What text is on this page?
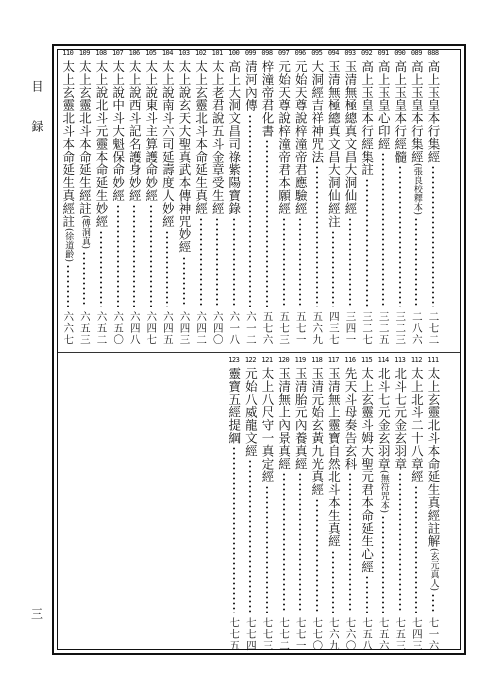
目 録
三
088
高上玉皇本行集經
二七二
089
高上玉皇本行集經
(張良校釋本)
二八六
090
高上玉皇本行經髓
三二三
091
高上玉皇心印經
三二五
092
高上玉皇本行經集註
三二七
093
玉清無極總真文昌大洞仙經
三四一
094
玉清無極總真文昌大洞仙經注
四三七
095
大洞經吉祥神咒法
五六九
096
元始天尊說梓潼帝君應驗經
五七一
097
元始天尊說梓潼帝君本願經
五七三
098
梓潼帝君化書
五七六
099
清河內傳
六一二
100
高上大洞文昌司祿紫陽寶錄
六一八
101
太上老君說五斗金章受生經
六四〇
102
太上玄靈北斗本命延生真經
六四二
103
太上說玄天大聖真武本傳神咒妙經
六四三
104
太上說南斗六司延壽度人妙經
六四五
105
太上說東斗主算護命妙經
六四七
106
太上說西斗記名護身妙經
六四八
107
太上說中斗大魁保命妙經
六五〇
108
太上說北斗元靈本命延生妙經
六五二
109
太上玄靈北斗本命延生經註
(傅洞真)
六五三
110
太上玄靈北斗本命延生真經註
(徐道齡)
六六七
111
太上玄靈北斗本命延生真經註解
(玄元真人)
七一六
112
太上北斗二十八章經
七四三
113
北斗七元金玄羽章
七五三
114
北斗七元金玄羽章
(無符咒本)
七五六
115
太上玄靈斗姆大聖元君本命延生心經
七五八
116
先天斗母奏告玄科
七六〇
117
玉清無上靈寶自然北斗本生真經
七六九
118
玉清元始玄黃九光真經
七七〇
119
玉清胎元內養真經
七七一
120
玉清無上內景真經
七七二
121
太上八尺守一真定經
七七三
122
元始八威龍文經
七七四
123
靈寶五經提綱
七七五
